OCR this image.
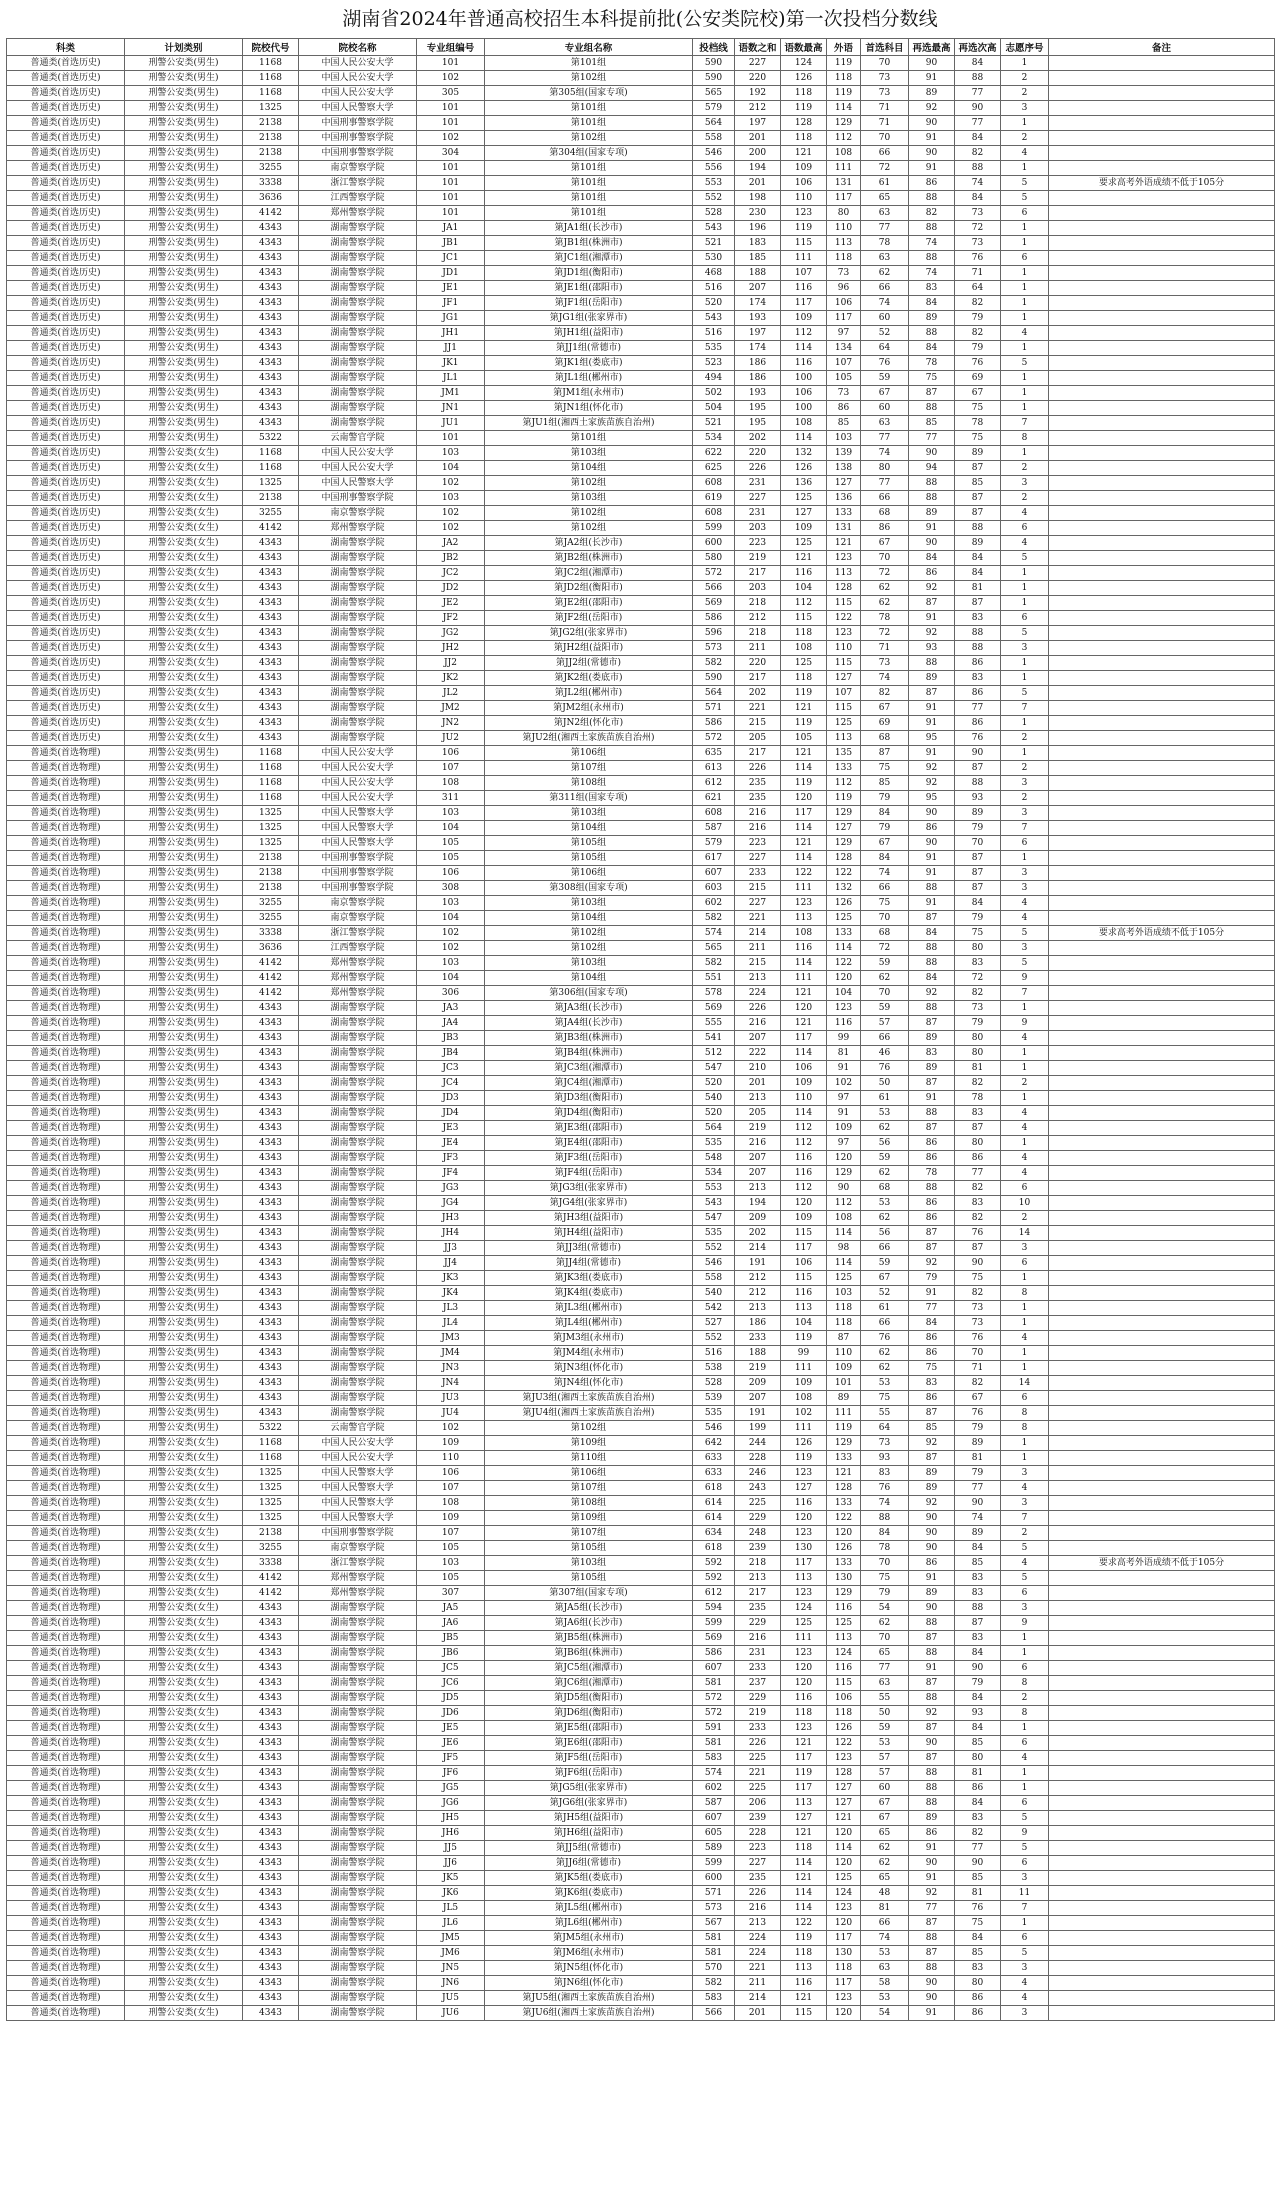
湖南省2024年普通高校招生本科提前批(公安类院校)第一次投档分数线
科类	计划类别	院校代号	院校名称	专业组编号	专业组名称	投档线	语数之和	语数最高	外语	首选科目	再选最高	再选次高	志愿序号	备注
普通类(首选历史)	刑警公安类(男生)	1168	中国人民公安大学	101	第101组	590	227	124	119	70	90	84	1	
普通类(首选历史)	刑警公安类(男生)	1168	中国人民公安大学	102	第102组	590	220	126	118	73	91	88	2	
普通类(首选历史)	刑警公安类(男生)	1168	中国人民公安大学	305	第305组(国家专项)	565	192	118	119	73	89	77	2	
普通类(首选历史)	刑警公安类(男生)	1325	中国人民警察大学	101	第101组	579	212	119	114	71	92	90	3	
普通类(首选历史)	刑警公安类(男生)	2138	中国刑事警察学院	101	第101组	564	197	128	129	71	90	77	1	
普通类(首选历史)	刑警公安类(男生)	2138	中国刑事警察学院	102	第102组	558	201	118	112	70	91	84	2	
普通类(首选历史)	刑警公安类(男生)	2138	中国刑事警察学院	304	第304组(国家专项)	546	200	121	108	66	90	82	4	
普通类(首选历史)	刑警公安类(男生)	3255	南京警察学院	101	第101组	556	194	109	111	72	91	88	1	
普通类(首选历史)	刑警公安类(男生)	3338	浙江警察学院	101	第101组	553	201	106	131	61	86	74	5	要求高考外语成绩不低于105分
普通类(首选历史)	刑警公安类(男生)	3636	江西警察学院	101	第101组	552	198	110	117	65	88	84	5	
普通类(首选历史)	刑警公安类(男生)	4142	郑州警察学院	101	第101组	528	230	123	80	63	82	73	6	
普通类(首选历史)	刑警公安类(男生)	4343	湖南警察学院	JA1	第JA1组(长沙市)	543	196	119	110	77	88	72	1	
普通类(首选历史)	刑警公安类(男生)	4343	湖南警察学院	JB1	第JB1组(株洲市)	521	183	115	113	78	74	73	1	
普通类(首选历史)	刑警公安类(男生)	4343	湖南警察学院	JC1	第JC1组(湘潭市)	530	185	111	118	63	88	76	6	
普通类(首选历史)	刑警公安类(男生)	4343	湖南警察学院	JD1	第JD1组(衡阳市)	468	188	107	73	62	74	71	1	
普通类(首选历史)	刑警公安类(男生)	4343	湖南警察学院	JE1	第JE1组(邵阳市)	516	207	116	96	66	83	64	1	
普通类(首选历史)	刑警公安类(男生)	4343	湖南警察学院	JF1	第JF1组(岳阳市)	520	174	117	106	74	84	82	1	
普通类(首选历史)	刑警公安类(男生)	4343	湖南警察学院	JG1	第JG1组(张家界市)	543	193	109	117	60	89	79	1	
普通类(首选历史)	刑警公安类(男生)	4343	湖南警察学院	JH1	第JH1组(益阳市)	516	197	112	97	52	88	82	4	
普通类(首选历史)	刑警公安类(男生)	4343	湖南警察学院	JJ1	第JJ1组(常德市)	535	174	114	134	64	84	79	1	
普通类(首选历史)	刑警公安类(男生)	4343	湖南警察学院	JK1	第JK1组(娄底市)	523	186	116	107	76	78	76	5	
普通类(首选历史)	刑警公安类(男生)	4343	湖南警察学院	JL1	第JL1组(郴州市)	494	186	100	105	59	75	69	1	
普通类(首选历史)	刑警公安类(男生)	4343	湖南警察学院	JM1	第JM1组(永州市)	502	193	106	73	67	87	67	1	
普通类(首选历史)	刑警公安类(男生)	4343	湖南警察学院	JN1	第JN1组(怀化市)	504	195	100	86	60	88	75	1	
普通类(首选历史)	刑警公安类(男生)	4343	湖南警察学院	JU1	第JU1组(湘西土家族苗族自治州)	521	195	108	85	63	85	78	7	
普通类(首选历史)	刑警公安类(男生)	5322	云南警官学院	101	第101组	534	202	114	103	77	77	75	8	
普通类(首选历史)	刑警公安类(女生)	1168	中国人民公安大学	103	第103组	622	220	132	139	74	90	89	1	
普通类(首选历史)	刑警公安类(女生)	1168	中国人民公安大学	104	第104组	625	226	126	138	80	94	87	2	
普通类(首选历史)	刑警公安类(女生)	1325	中国人民警察大学	102	第102组	608	231	136	127	77	88	85	3	
普通类(首选历史)	刑警公安类(女生)	2138	中国刑事警察学院	103	第103组	619	227	125	136	66	88	87	2	
普通类(首选历史)	刑警公安类(女生)	3255	南京警察学院	102	第102组	608	231	127	133	68	89	87	4	
普通类(首选历史)	刑警公安类(女生)	4142	郑州警察学院	102	第102组	599	203	109	131	86	91	88	6	
普通类(首选历史)	刑警公安类(女生)	4343	湖南警察学院	JA2	第JA2组(长沙市)	600	223	125	121	67	90	89	4	
普通类(首选历史)	刑警公安类(女生)	4343	湖南警察学院	JB2	第JB2组(株洲市)	580	219	121	123	70	84	84	5	
普通类(首选历史)	刑警公安类(女生)	4343	湖南警察学院	JC2	第JC2组(湘潭市)	572	217	116	113	72	86	84	1	
普通类(首选历史)	刑警公安类(女生)	4343	湖南警察学院	JD2	第JD2组(衡阳市)	566	203	104	128	62	92	81	1	
普通类(首选历史)	刑警公安类(女生)	4343	湖南警察学院	JE2	第JE2组(邵阳市)	569	218	112	115	62	87	87	1	
普通类(首选历史)	刑警公安类(女生)	4343	湖南警察学院	JF2	第JF2组(岳阳市)	586	212	115	122	78	91	83	6	
普通类(首选历史)	刑警公安类(女生)	4343	湖南警察学院	JG2	第JG2组(张家界市)	596	218	118	123	72	92	88	5	
普通类(首选历史)	刑警公安类(女生)	4343	湖南警察学院	JH2	第JH2组(益阳市)	573	211	108	110	71	93	88	3	
普通类(首选历史)	刑警公安类(女生)	4343	湖南警察学院	JJ2	第JJ2组(常德市)	582	220	125	115	73	88	86	1	
普通类(首选历史)	刑警公安类(女生)	4343	湖南警察学院	JK2	第JK2组(娄底市)	590	217	118	127	74	89	83	1	
普通类(首选历史)	刑警公安类(女生)	4343	湖南警察学院	JL2	第JL2组(郴州市)	564	202	119	107	82	87	86	5	
普通类(首选历史)	刑警公安类(女生)	4343	湖南警察学院	JM2	第JM2组(永州市)	571	221	121	115	67	91	77	7	
普通类(首选历史)	刑警公安类(女生)	4343	湖南警察学院	JN2	第JN2组(怀化市)	586	215	119	125	69	91	86	1	
普通类(首选历史)	刑警公安类(女生)	4343	湖南警察学院	JU2	第JU2组(湘西土家族苗族自治州)	572	205	105	113	68	95	76	2	
普通类(首选物理)	刑警公安类(男生)	1168	中国人民公安大学	106	第106组	635	217	121	135	87	91	90	1	
普通类(首选物理)	刑警公安类(男生)	1168	中国人民公安大学	107	第107组	613	226	114	133	75	92	87	2	
普通类(首选物理)	刑警公安类(男生)	1168	中国人民公安大学	108	第108组	612	235	119	112	85	92	88	3	
普通类(首选物理)	刑警公安类(男生)	1168	中国人民公安大学	311	第311组(国家专项)	621	235	120	119	79	95	93	2	
普通类(首选物理)	刑警公安类(男生)	1325	中国人民警察大学	103	第103组	608	216	117	129	84	90	89	3	
普通类(首选物理)	刑警公安类(男生)	1325	中国人民警察大学	104	第104组	587	216	114	127	79	86	79	7	
普通类(首选物理)	刑警公安类(男生)	1325	中国人民警察大学	105	第105组	579	223	121	129	67	90	70	6	
普通类(首选物理)	刑警公安类(男生)	2138	中国刑事警察学院	105	第105组	617	227	114	128	84	91	87	1	
普通类(首选物理)	刑警公安类(男生)	2138	中国刑事警察学院	106	第106组	607	233	122	122	74	91	87	3	
普通类(首选物理)	刑警公安类(男生)	2138	中国刑事警察学院	308	第308组(国家专项)	603	215	111	132	66	88	87	3	
普通类(首选物理)	刑警公安类(男生)	3255	南京警察学院	103	第103组	602	227	123	126	75	91	84	4	
普通类(首选物理)	刑警公安类(男生)	3255	南京警察学院	104	第104组	582	221	113	125	70	87	79	4	
普通类(首选物理)	刑警公安类(男生)	3338	浙江警察学院	102	第102组	574	214	108	133	68	84	75	5	要求高考外语成绩不低于105分
普通类(首选物理)	刑警公安类(男生)	3636	江西警察学院	102	第102组	565	211	116	114	72	88	80	3	
普通类(首选物理)	刑警公安类(男生)	4142	郑州警察学院	103	第103组	582	215	114	122	59	88	83	5	
普通类(首选物理)	刑警公安类(男生)	4142	郑州警察学院	104	第104组	551	213	111	120	62	84	72	9	
普通类(首选物理)	刑警公安类(男生)	4142	郑州警察学院	306	第306组(国家专项)	578	224	121	104	70	92	82	7	
普通类(首选物理)	刑警公安类(男生)	4343	湖南警察学院	JA3	第JA3组(长沙市)	569	226	120	123	59	88	73	1	
普通类(首选物理)	刑警公安类(男生)	4343	湖南警察学院	JA4	第JA4组(长沙市)	555	216	121	116	57	87	79	9	
普通类(首选物理)	刑警公安类(男生)	4343	湖南警察学院	JB3	第JB3组(株洲市)	541	207	117	99	66	89	80	4	
普通类(首选物理)	刑警公安类(男生)	4343	湖南警察学院	JB4	第JB4组(株洲市)	512	222	114	81	46	83	80	1	
普通类(首选物理)	刑警公安类(男生)	4343	湖南警察学院	JC3	第JC3组(湘潭市)	547	210	106	91	76	89	81	1	
普通类(首选物理)	刑警公安类(男生)	4343	湖南警察学院	JC4	第JC4组(湘潭市)	520	201	109	102	50	87	82	2	
普通类(首选物理)	刑警公安类(男生)	4343	湖南警察学院	JD3	第JD3组(衡阳市)	540	213	110	97	61	91	78	1	
普通类(首选物理)	刑警公安类(男生)	4343	湖南警察学院	JD4	第JD4组(衡阳市)	520	205	114	91	53	88	83	4	
普通类(首选物理)	刑警公安类(男生)	4343	湖南警察学院	JE3	第JE3组(邵阳市)	564	219	112	109	62	87	87	4	
普通类(首选物理)	刑警公安类(男生)	4343	湖南警察学院	JE4	第JE4组(邵阳市)	535	216	112	97	56	86	80	1	
普通类(首选物理)	刑警公安类(男生)	4343	湖南警察学院	JF3	第JF3组(岳阳市)	548	207	116	120	59	86	86	4	
普通类(首选物理)	刑警公安类(男生)	4343	湖南警察学院	JF4	第JF4组(岳阳市)	534	207	116	129	62	78	77	4	
普通类(首选物理)	刑警公安类(男生)	4343	湖南警察学院	JG3	第JG3组(张家界市)	553	213	112	90	68	88	82	6	
普通类(首选物理)	刑警公安类(男生)	4343	湖南警察学院	JG4	第JG4组(张家界市)	543	194	120	112	53	86	83	10	
普通类(首选物理)	刑警公安类(男生)	4343	湖南警察学院	JH3	第JH3组(益阳市)	547	209	109	108	62	86	82	2	
普通类(首选物理)	刑警公安类(男生)	4343	湖南警察学院	JH4	第JH4组(益阳市)	535	202	115	114	56	87	76	14	
普通类(首选物理)	刑警公安类(男生)	4343	湖南警察学院	JJ3	第JJ3组(常德市)	552	214	117	98	66	87	87	3	
普通类(首选物理)	刑警公安类(男生)	4343	湖南警察学院	JJ4	第JJ4组(常德市)	546	191	106	114	59	92	90	6	
普通类(首选物理)	刑警公安类(男生)	4343	湖南警察学院	JK3	第JK3组(娄底市)	558	212	115	125	67	79	75	1	
普通类(首选物理)	刑警公安类(男生)	4343	湖南警察学院	JK4	第JK4组(娄底市)	540	212	116	103	52	91	82	8	
普通类(首选物理)	刑警公安类(男生)	4343	湖南警察学院	JL3	第JL3组(郴州市)	542	213	113	118	61	77	73	1	
普通类(首选物理)	刑警公安类(男生)	4343	湖南警察学院	JL4	第JL4组(郴州市)	527	186	104	118	66	84	73	1	
普通类(首选物理)	刑警公安类(男生)	4343	湖南警察学院	JM3	第JM3组(永州市)	552	233	119	87	76	86	76	4	
普通类(首选物理)	刑警公安类(男生)	4343	湖南警察学院	JM4	第JM4组(永州市)	516	188	99	110	62	86	70	1	
普通类(首选物理)	刑警公安类(男生)	4343	湖南警察学院	JN3	第JN3组(怀化市)	538	219	111	109	62	75	71	1	
普通类(首选物理)	刑警公安类(男生)	4343	湖南警察学院	JN4	第JN4组(怀化市)	528	209	109	101	53	83	82	14	
普通类(首选物理)	刑警公安类(男生)	4343	湖南警察学院	JU3	第JU3组(湘西土家族苗族自治州)	539	207	108	89	75	86	67	6	
普通类(首选物理)	刑警公安类(男生)	4343	湖南警察学院	JU4	第JU4组(湘西土家族苗族自治州)	535	191	102	111	55	87	76	8	
普通类(首选物理)	刑警公安类(男生)	5322	云南警官学院	102	第102组	546	199	111	119	64	85	79	8	
普通类(首选物理)	刑警公安类(女生)	1168	中国人民公安大学	109	第109组	642	244	126	129	73	92	89	1	
普通类(首选物理)	刑警公安类(女生)	1168	中国人民公安大学	110	第110组	633	228	119	133	93	87	81	1	
普通类(首选物理)	刑警公安类(女生)	1325	中国人民警察大学	106	第106组	633	246	123	121	83	89	79	3	
普通类(首选物理)	刑警公安类(女生)	1325	中国人民警察大学	107	第107组	618	243	127	128	76	89	77	4	
普通类(首选物理)	刑警公安类(女生)	1325	中国人民警察大学	108	第108组	614	225	116	133	74	92	90	3	
普通类(首选物理)	刑警公安类(女生)	1325	中国人民警察大学	109	第109组	614	229	120	122	88	90	74	7	
普通类(首选物理)	刑警公安类(女生)	2138	中国刑事警察学院	107	第107组	634	248	123	120	84	90	89	2	
普通类(首选物理)	刑警公安类(女生)	3255	南京警察学院	105	第105组	618	239	130	126	78	90	84	5	
普通类(首选物理)	刑警公安类(女生)	3338	浙江警察学院	103	第103组	592	218	117	133	70	86	85	4	要求高考外语成绩不低于105分
普通类(首选物理)	刑警公安类(女生)	4142	郑州警察学院	105	第105组	592	213	113	130	75	91	83	5	
普通类(首选物理)	刑警公安类(女生)	4142	郑州警察学院	307	第307组(国家专项)	612	217	123	129	79	89	83	6	
普通类(首选物理)	刑警公安类(女生)	4343	湖南警察学院	JA5	第JA5组(长沙市)	594	235	124	116	54	90	88	3	
普通类(首选物理)	刑警公安类(女生)	4343	湖南警察学院	JA6	第JA6组(长沙市)	599	229	125	125	62	88	87	9	
普通类(首选物理)	刑警公安类(女生)	4343	湖南警察学院	JB5	第JB5组(株洲市)	569	216	111	113	70	87	83	1	
普通类(首选物理)	刑警公安类(女生)	4343	湖南警察学院	JB6	第JB6组(株洲市)	586	231	123	124	65	88	84	1	
普通类(首选物理)	刑警公安类(女生)	4343	湖南警察学院	JC5	第JC5组(湘潭市)	607	233	120	116	77	91	90	6	
普通类(首选物理)	刑警公安类(女生)	4343	湖南警察学院	JC6	第JC6组(湘潭市)	581	237	120	115	63	87	79	8	
普通类(首选物理)	刑警公安类(女生)	4343	湖南警察学院	JD5	第JD5组(衡阳市)	572	229	116	106	55	88	84	2	
普通类(首选物理)	刑警公安类(女生)	4343	湖南警察学院	JD6	第JD6组(衡阳市)	572	219	118	118	50	92	93	8	
普通类(首选物理)	刑警公安类(女生)	4343	湖南警察学院	JE5	第JE5组(邵阳市)	591	233	123	126	59	87	84	1	
普通类(首选物理)	刑警公安类(女生)	4343	湖南警察学院	JE6	第JE6组(邵阳市)	581	226	121	122	53	90	85	6	
普通类(首选物理)	刑警公安类(女生)	4343	湖南警察学院	JF5	第JF5组(岳阳市)	583	225	117	123	57	87	80	4	
普通类(首选物理)	刑警公安类(女生)	4343	湖南警察学院	JF6	第JF6组(岳阳市)	574	221	119	128	57	88	81	1	
普通类(首选物理)	刑警公安类(女生)	4343	湖南警察学院	JG5	第JG5组(张家界市)	602	225	117	127	60	88	86	1	
普通类(首选物理)	刑警公安类(女生)	4343	湖南警察学院	JG6	第JG6组(张家界市)	587	206	113	127	67	88	84	6	
普通类(首选物理)	刑警公安类(女生)	4343	湖南警察学院	JH5	第JH5组(益阳市)	607	239	127	121	67	89	83	5	
普通类(首选物理)	刑警公安类(女生)	4343	湖南警察学院	JH6	第JH6组(益阳市)	605	228	121	120	65	86	82	9	
普通类(首选物理)	刑警公安类(女生)	4343	湖南警察学院	JJ5	第JJ5组(常德市)	589	223	118	114	62	91	77	5	
普通类(首选物理)	刑警公安类(女生)	4343	湖南警察学院	JJ6	第JJ6组(常德市)	599	227	114	120	62	90	90	6	
普通类(首选物理)	刑警公安类(女生)	4343	湖南警察学院	JK5	第JK5组(娄底市)	600	235	121	125	65	91	85	3	
普通类(首选物理)	刑警公安类(女生)	4343	湖南警察学院	JK6	第JK6组(娄底市)	571	226	114	124	48	92	81	11	
普通类(首选物理)	刑警公安类(女生)	4343	湖南警察学院	JL5	第JL5组(郴州市)	573	216	114	123	81	77	76	7	
普通类(首选物理)	刑警公安类(女生)	4343	湖南警察学院	JL6	第JL6组(郴州市)	567	213	122	120	66	87	75	1	
普通类(首选物理)	刑警公安类(女生)	4343	湖南警察学院	JM5	第JM5组(永州市)	581	224	119	117	74	88	84	6	
普通类(首选物理)	刑警公安类(女生)	4343	湖南警察学院	JM6	第JM6组(永州市)	581	224	118	130	53	87	85	5	
普通类(首选物理)	刑警公安类(女生)	4343	湖南警察学院	JN5	第JN5组(怀化市)	570	221	113	118	63	88	83	3	
普通类(首选物理)	刑警公安类(女生)	4343	湖南警察学院	JN6	第JN6组(怀化市)	582	211	116	117	58	90	80	4	
普通类(首选物理)	刑警公安类(女生)	4343	湖南警察学院	JU5	第JU5组(湘西土家族苗族自治州)	583	214	121	123	53	90	86	4	
普通类(首选物理)	刑警公安类(女生)	4343	湖南警察学院	JU6	第JU6组(湘西土家族苗族自治州)	566	201	115	120	54	91	86	3	
